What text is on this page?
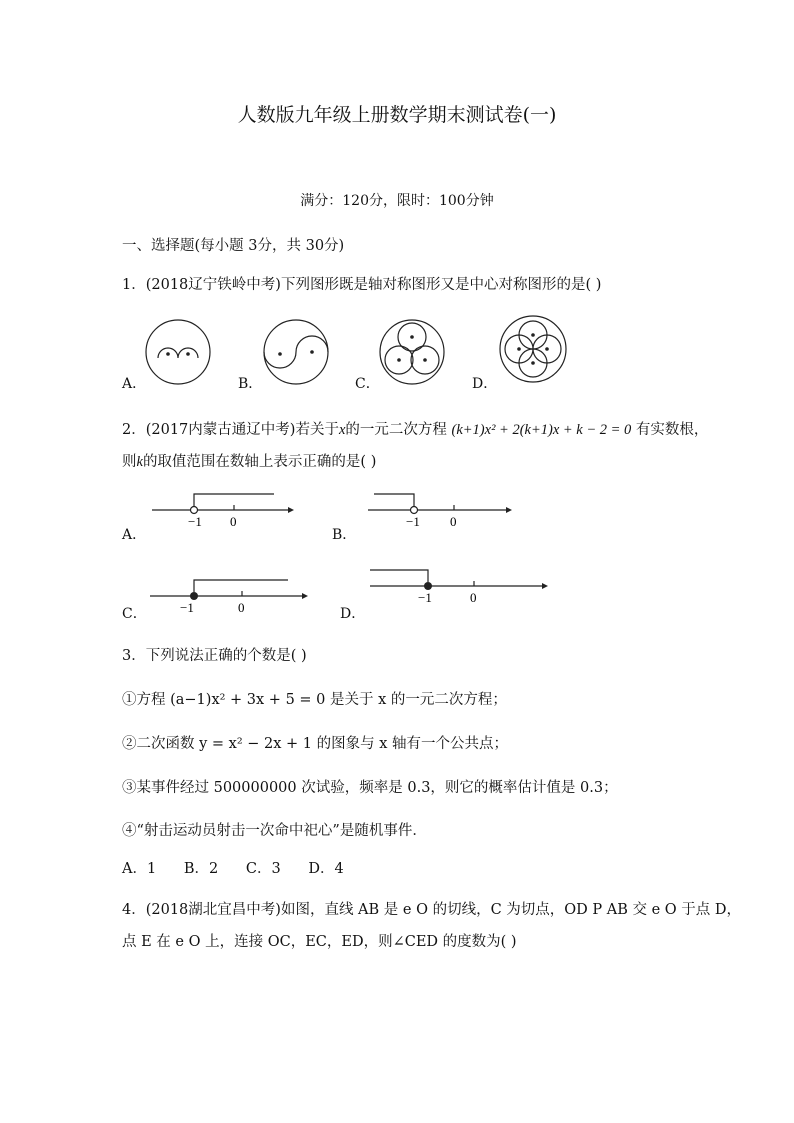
人数版九年级上册数学期末测试卷(一)
满分：120分，限时：100分钟
一、选择题(每小题 3分，共 30分)
1．(2018辽宁铁岭中考)下列图形既是轴对称图形又是中心对称图形的是( )
A．	B．	C．	D．
2．(2017内蒙古通辽中考)若关于x的一元二次方程 (k+1)x² + 2(k+1)x + k − 2 = 0 有实数根，
则k的取值范围在数轴上表示正确的是( )
A．
−1 0
B．
−1 0
C．	−1	0	D．
−1	0
3．下列说法正确的个数是( )
①方程 (a−1)x² + 3x + 5 = 0 是关于 x 的一元二次方程；
②二次函数 y = x² − 2x + 1 的图象与 x 轴有一个公共点；
③某事件经过 500000000 次试验，频率是 0.3，则它的概率估计值是 0.3；
④“射击运动员射击一次命中祀心”是随机事件．
A．1      B．2      C．3      D．4
4．(2018湖北宜昌中考)如图，直线 AB 是 e O 的切线，C 为切点，OD P AB 交 e O 于点 D，
点 E 在 e O 上，连接 OC，EC，ED，则∠CED 的度数为( )
